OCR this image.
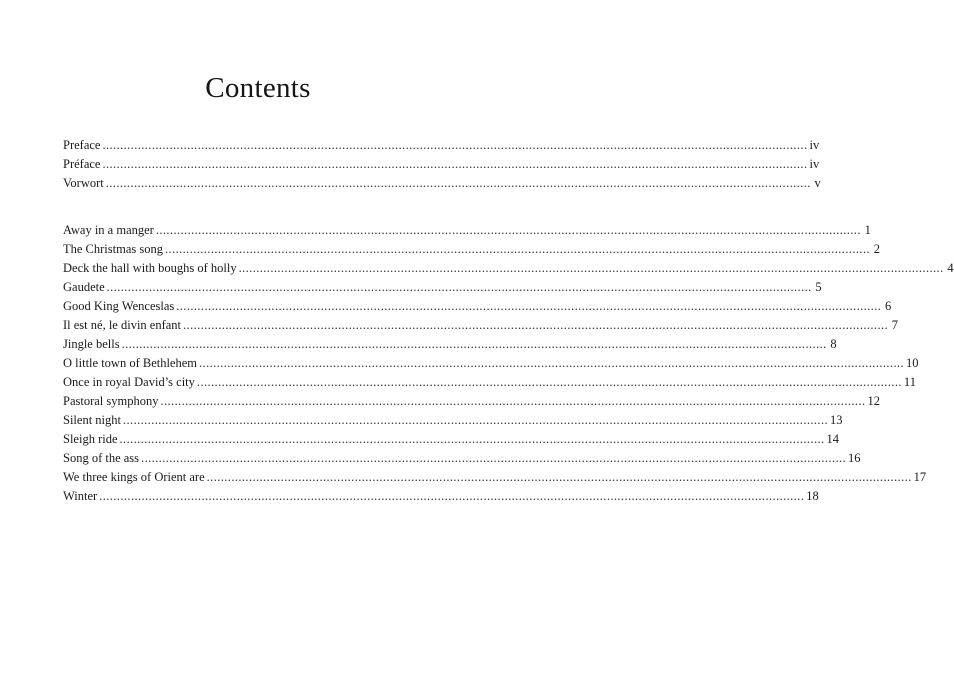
Contents
Preface ........................................................................................................................................................................................................ iv
Préface ........................................................................................................................................................................................................ iv
Vorwort ........................................................................................................................................................................................................ v
Away in a manger ........................................................................................................................................................................................................ 1
The Christmas song ........................................................................................................................................................................................................ 2
Deck the hall with boughs of holly ........................................................................................................................................................................................................ 4
Gaudete ........................................................................................................................................................................................................ 5
Good King Wenceslas ........................................................................................................................................................................................................ 6
Il est né, le divin enfant ........................................................................................................................................................................................................ 7
Jingle bells ........................................................................................................................................................................................................ 8
O little town of Bethlehem ........................................................................................................................................................................................................ 10
Once in royal David’s city ........................................................................................................................................................................................................ 11
Pastoral symphony ........................................................................................................................................................................................................ 12
Silent night ........................................................................................................................................................................................................ 13
Sleigh ride ........................................................................................................................................................................................................ 14
Song of the ass ........................................................................................................................................................................................................ 16
We three kings of Orient are ........................................................................................................................................................................................................ 17
Winter ........................................................................................................................................................................................................ 18
